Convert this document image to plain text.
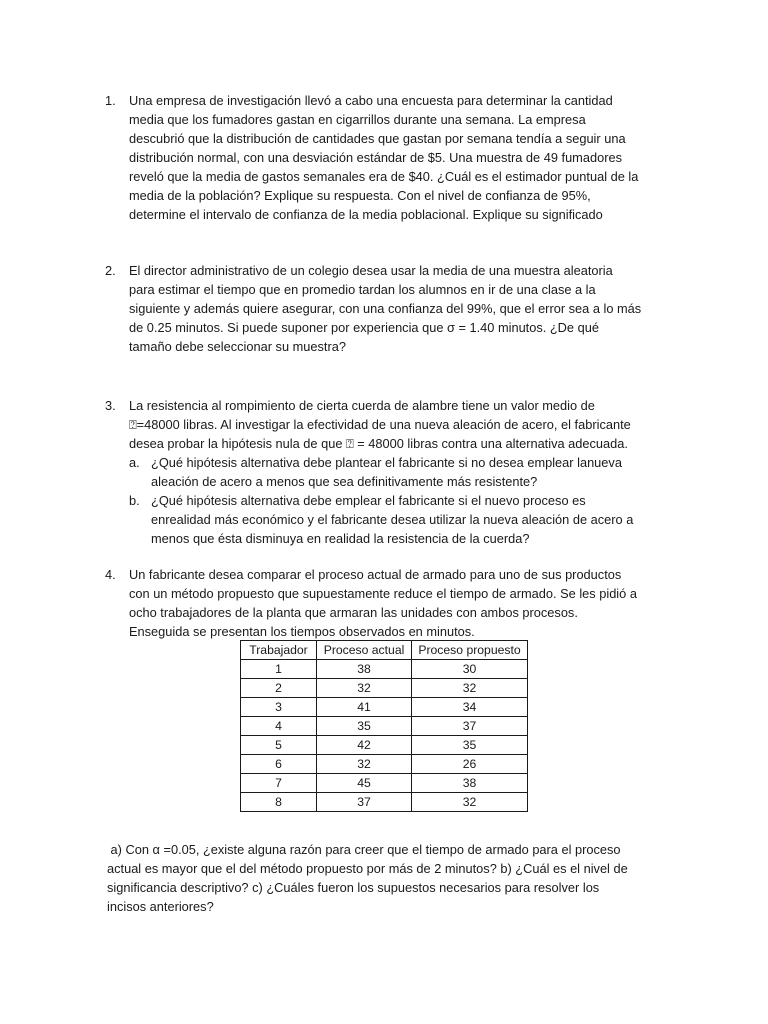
1.	Una empresa de investigación llevó a cabo una encuesta para determinar la cantidad
media que los fumadores gastan en cigarrillos durante una semana. La empresa
descubrió que la distribución de cantidades que gastan por semana tendía a seguir una
distribución normal, con una desviación estándar de $5. Una muestra de 49 fumadores
reveló que la media de gastos semanales era de $40. ¿Cuál es el estimador puntual de la
media de la población? Explique su respuesta. Con el nivel de confianza de 95%,
determine el intervalo de confianza de la media poblacional. Explique su significado
2.	El director administrativo de un colegio desea usar la media de una muestra aleatoria
para estimar el tiempo que en promedio tardan los alumnos en ir de una clase a la
siguiente y además quiere asegurar, con una confianza del 99%, que el error sea a lo más
de 0.25 minutos. Si puede suponer por experiencia que σ = 1.40 minutos. ¿De qué
tamaño debe seleccionar su muestra?
3.	La resistencia al rompimiento de cierta cuerda de alambre tiene un valor medio de
⍰=48000 libras. Al investigar la efectividad de una nueva aleación de acero, el fabricante
desea probar la hipótesis nula de que ⍰ = 48000 libras contra una alternativa adecuada.
a. ¿Qué hipótesis alternativa debe plantear el fabricante si no desea emplear lanueva
aleación de acero a menos que sea definitivamente más resistente?
b. ¿Qué hipótesis alternativa debe emplear el fabricante si el nuevo proceso es
enrealidad más económico y el fabricante desea utilizar la nueva aleación de acero a
menos que ésta disminuya en realidad la resistencia de la cuerda?
4.	Un fabricante desea comparar el proceso actual de armado para uno de sus productos
con un método propuesto que supuestamente reduce el tiempo de armado. Se les pidió a
ocho trabajadores de la planta que armaran las unidades con ambos procesos.
Enseguida se presentan los tiempos observados en minutos.
Trabajador	Proceso actual	Proceso propuesto
1	38	30
2	32	32
3	41	34
4	35	37
5	42	35
6	32	26
7	45	38
8	37	32
a) Con α =0.05, ¿existe alguna razón para creer que el tiempo de armado para el proceso
actual es mayor que el del método propuesto por más de 2 minutos? b) ¿Cuál es el nivel de
significancia descriptivo? c) ¿Cuáles fueron los supuestos necesarios para resolver los
incisos anteriores?
